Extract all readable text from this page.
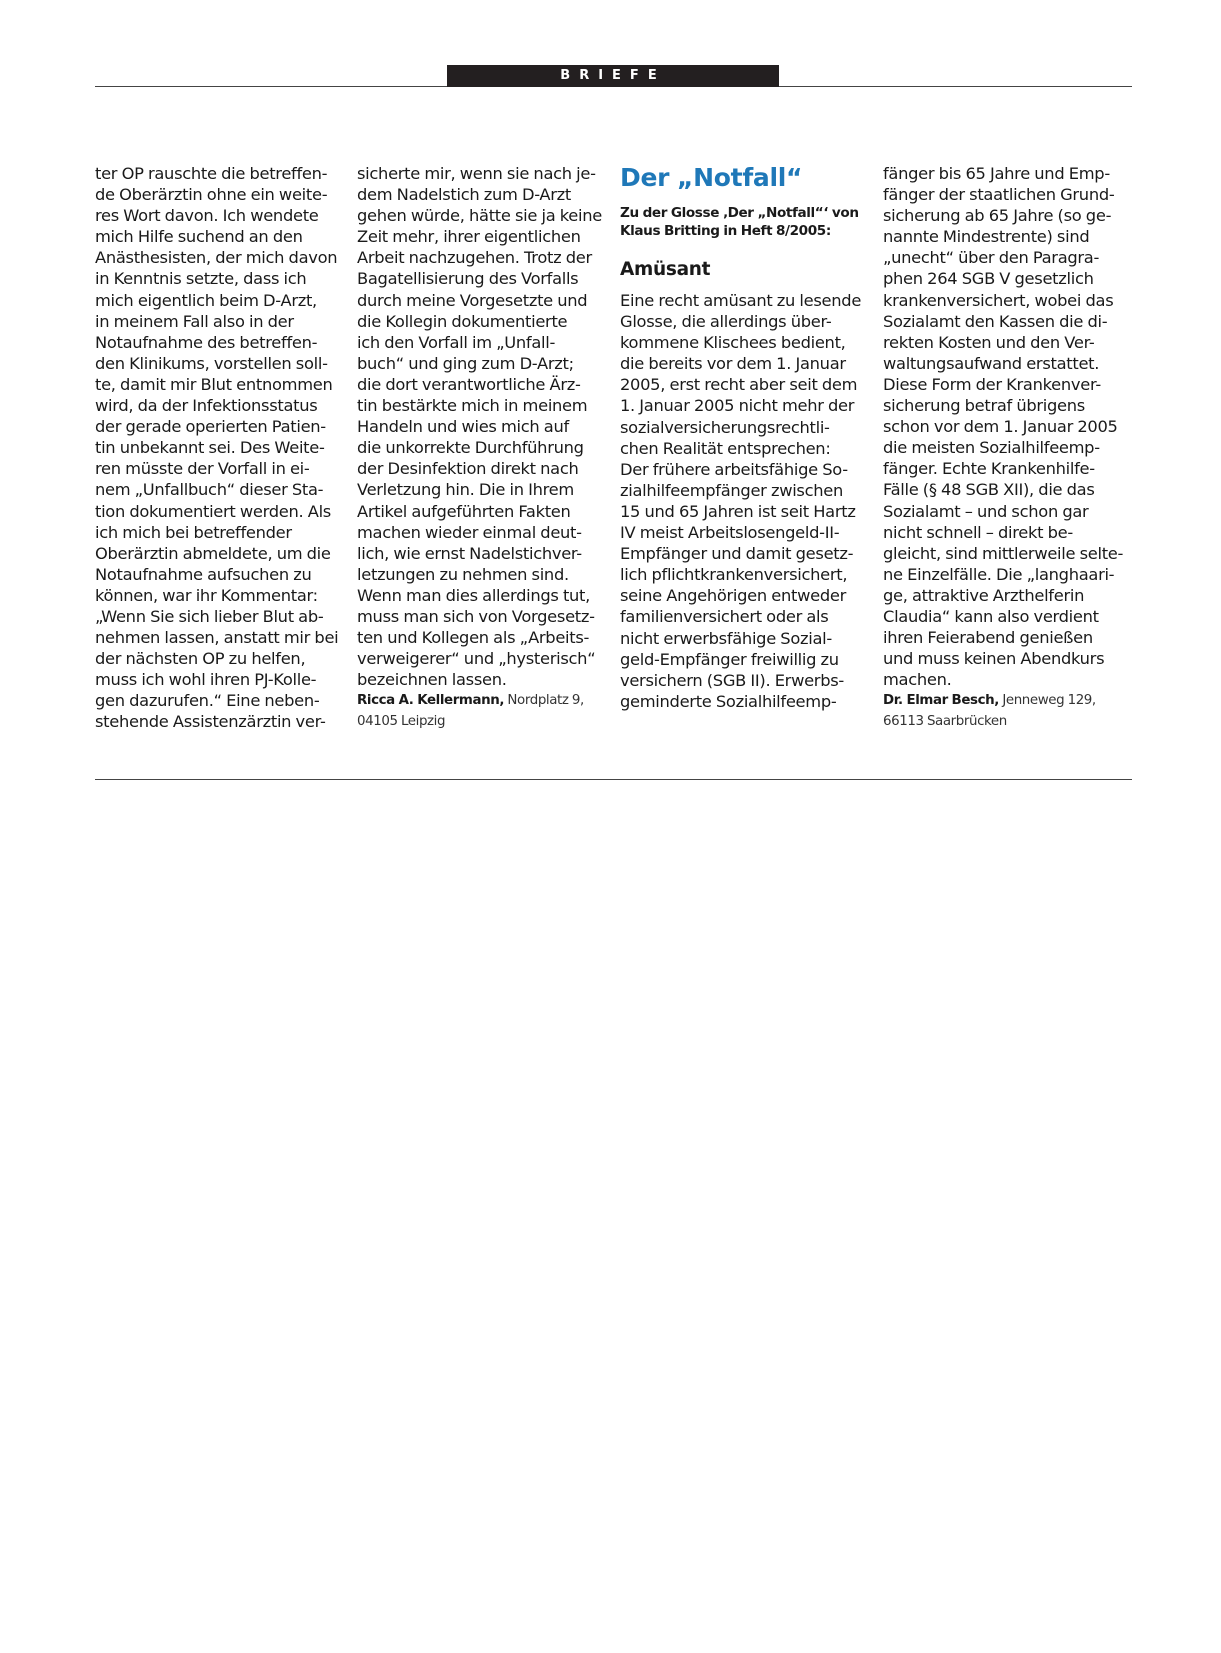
BRIEFE
ter OP rauschte die betreffen-
de Oberärztin ohne ein weite-
res Wort davon. Ich wendete
mich Hilfe suchend an den
Anästhesisten, der mich davon
in Kenntnis setzte, dass ich
mich eigentlich beim D-Arzt,
in meinem Fall also in der
Notaufnahme des betreffen-
den Klinikums, vorstellen soll-
te, damit mir Blut entnommen
wird, da der Infektionsstatus
der gerade operierten Patien-
tin unbekannt sei. Des Weite-
ren müsste der Vorfall in ei-
nem „Unfallbuch“ dieser Sta-
tion dokumentiert werden. Als
ich mich bei betreffender
Oberärztin abmeldete, um die
Notaufnahme aufsuchen zu
können, war ihr Kommentar:
„Wenn Sie sich lieber Blut ab-
nehmen lassen, anstatt mir bei
der nächsten OP zu helfen,
muss ich wohl ihren PJ-Kolle-
gen dazurufen.“ Eine neben-
stehende Assistenzärztin ver-
sicherte mir, wenn sie nach je-
dem Nadelstich zum D-Arzt
gehen würde, hätte sie ja keine
Zeit mehr, ihrer eigentlichen
Arbeit nachzugehen. Trotz der
Bagatellisierung des Vorfalls
durch meine Vorgesetzte und
die Kollegin dokumentierte
ich den Vorfall im „Unfall-
buch“ und ging zum D-Arzt;
die dort verantwortliche Ärz-
tin bestärkte mich in meinem
Handeln und wies mich auf
die unkorrekte Durchführung
der Desinfektion direkt nach
Verletzung hin. Die in Ihrem
Artikel aufgeführten Fakten
machen wieder einmal deut-
lich, wie ernst Nadelstichver-
letzungen zu nehmen sind.
Wenn man dies allerdings tut,
muss man sich von Vorgesetz-
ten und Kollegen als „Arbeits-
verweigerer“ und „hysterisch“
bezeichnen lassen.
Ricca A. Kellermann, Nordplatz 9,
04105 Leipzig
Der „Notfall“
Zu der Glosse ‚Der „Notfall“‘ von
Klaus Britting in Heft 8/2005:
Amüsant
Eine recht amüsant zu lesende
Glosse, die allerdings über-
kommene Klischees bedient,
die bereits vor dem 1. Januar
2005, erst recht aber seit dem
1. Januar 2005 nicht mehr der
sozialversicherungsrechtli-
chen Realität entsprechen:
Der frühere arbeitsfähige So-
zialhilfeempfänger zwischen
15 und 65 Jahren ist seit Hartz
IV meist Arbeitslosengeld-II-
Empfänger und damit gesetz-
lich pflichtkrankenversichert,
seine Angehörigen entweder
familienversichert oder als
nicht erwerbsfähige Sozial-
geld-Empfänger freiwillig zu
versichern (SGB II). Erwerbs-
geminderte Sozialhilfeemp-
fänger bis 65 Jahre und Emp-
fänger der staatlichen Grund-
sicherung ab 65 Jahre (so ge-
nannte Mindestrente) sind
„unecht“ über den Paragra-
phen 264 SGB V gesetzlich
krankenversichert, wobei das
Sozialamt den Kassen die di-
rekten Kosten und den Ver-
waltungsaufwand erstattet.
Diese Form der Krankenver-
sicherung betraf übrigens
schon vor dem 1. Januar 2005
die meisten Sozialhilfeemp-
fänger. Echte Krankenhilfe-
Fälle (§ 48 SGB XII), die das
Sozialamt – und schon gar
nicht schnell – direkt be-
gleicht, sind mittlerweile selte-
ne Einzelfälle. Die „langhaari-
ge, attraktive Arzthelferin
Claudia“ kann also verdient
ihren Feierabend genießen
und muss keinen Abendkurs
machen.
Dr. Elmar Besch, Jenneweg 129,
66113 Saarbrücken
